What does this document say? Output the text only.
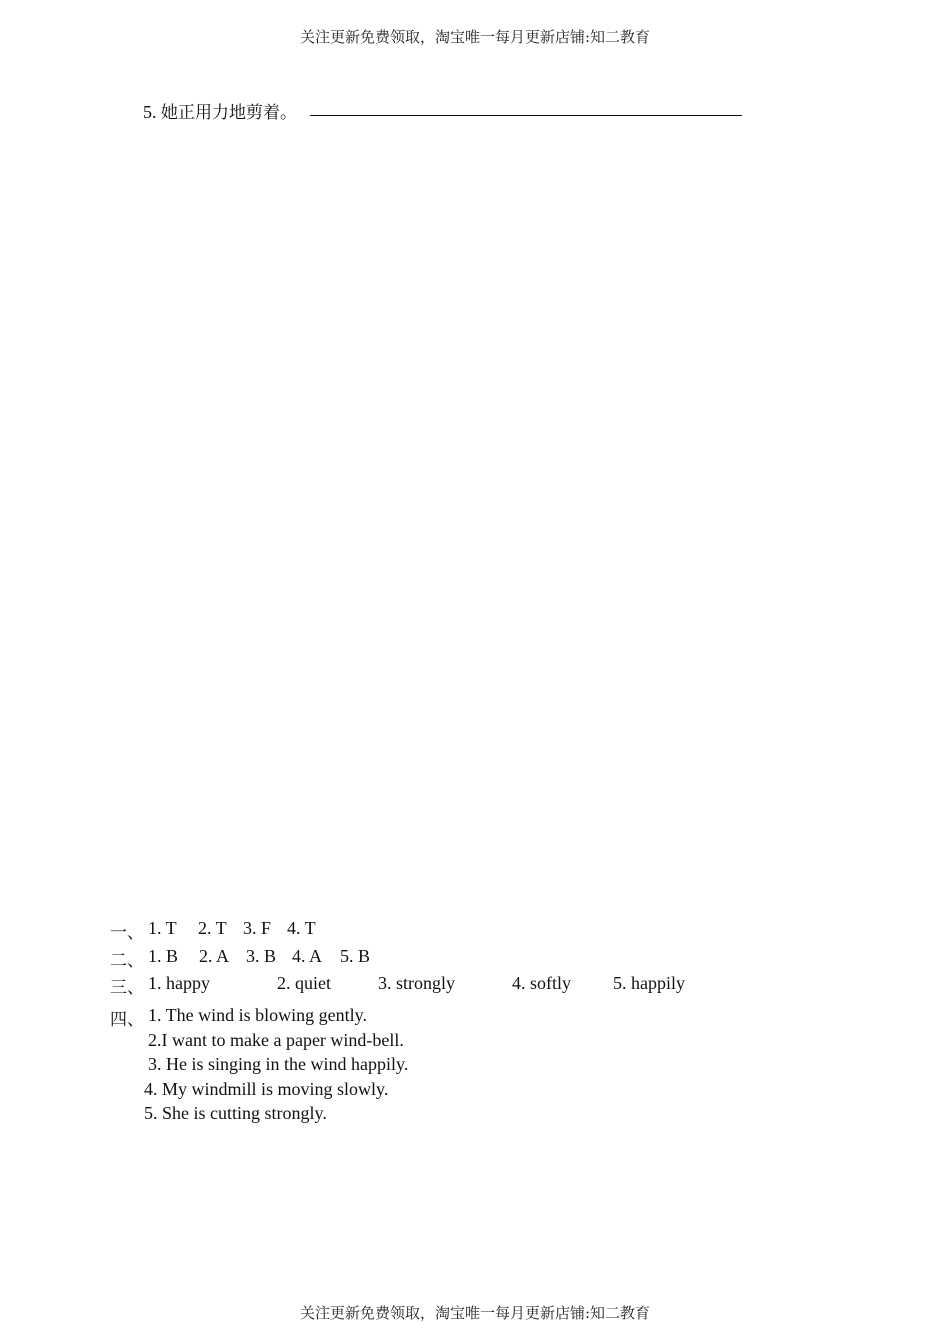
关注更新免费领取，淘宝唯一每月更新店铺:知二教育
5. 她正用力地剪着。
一、 1. T 2. T 3. F 4. T
二、 1. B 2. A 3. B 4. A 5. B
三、 1. happy	2. quiet	3. strongly	4. softly 5. happily
四、 1. The wind is blowing gently.
2.I want to make a paper wind-bell.
3. He is singing in the wind happily.
4. My windmill is moving slowly.
5. She is cutting strongly.
关注更新免费领取，淘宝唯一每月更新店铺:知二教育
